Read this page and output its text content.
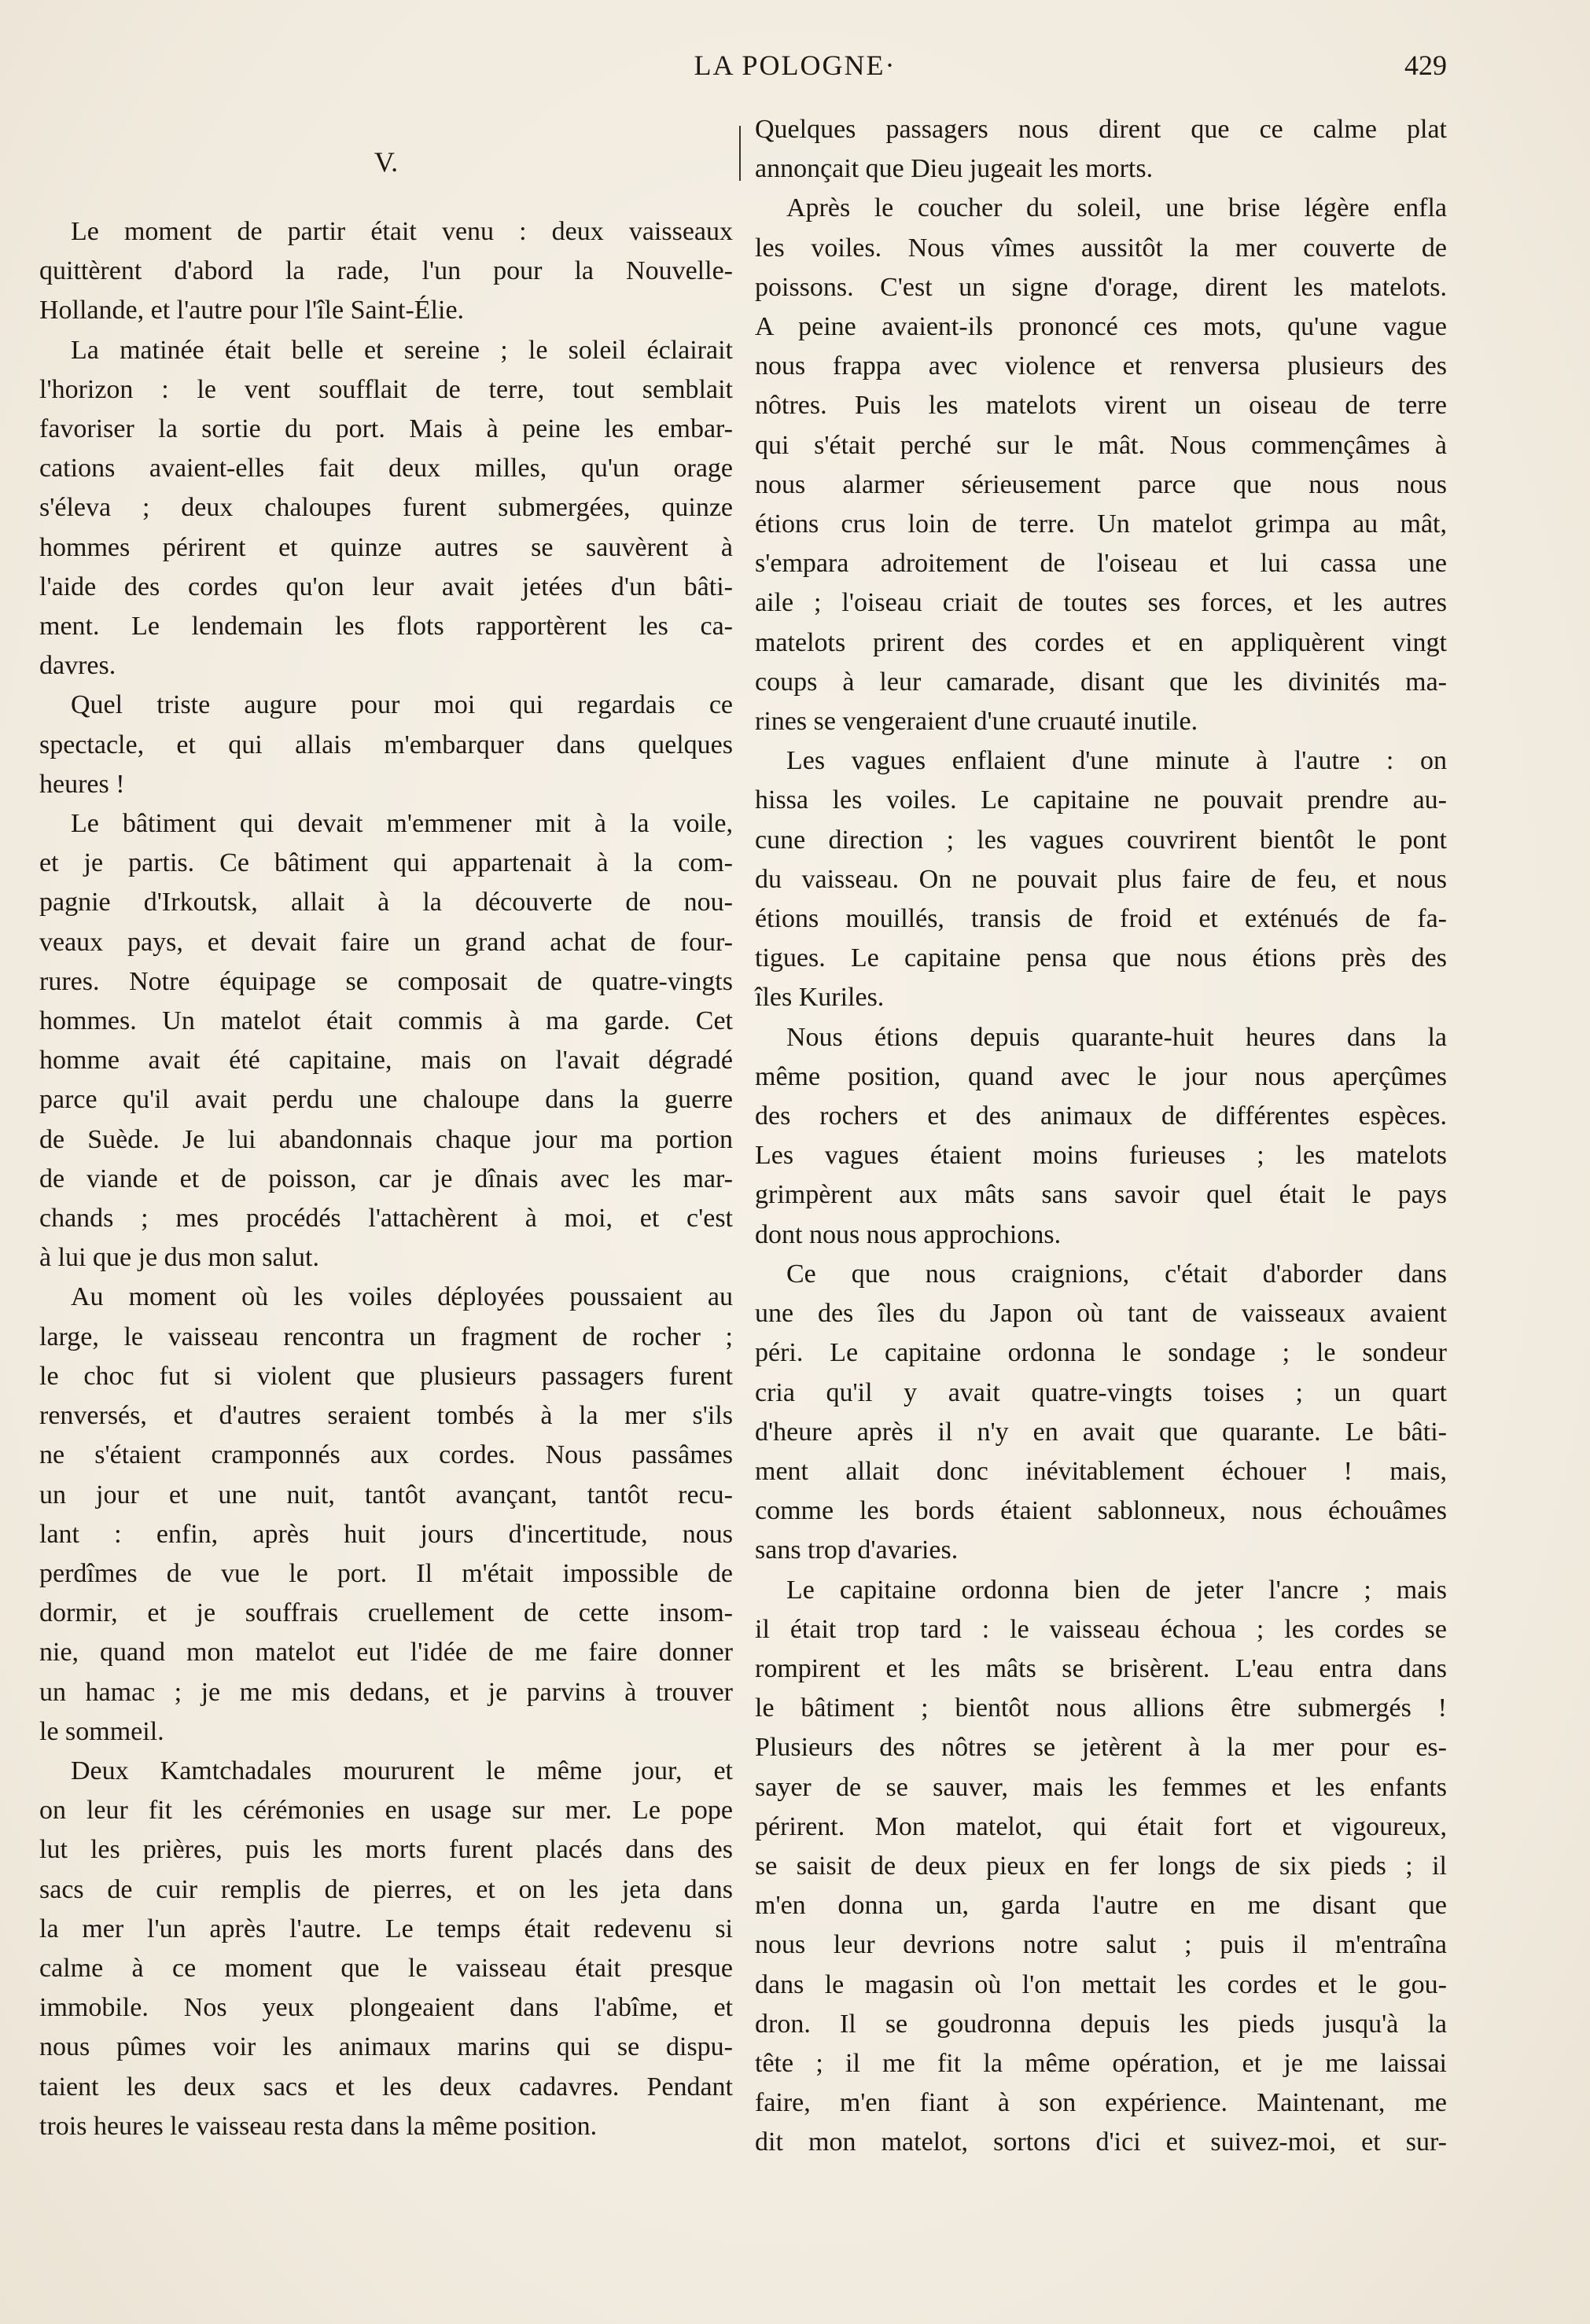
LA POLOGNE·	429
V.

Le moment de partir était venu : deux vaisseaux
quittèrent d'abord la rade, l'un pour la Nouvelle-
Hollande, et l'autre pour l'île Saint-Élie.

La matinée était belle et sereine ; le soleil éclairait
l'horizon : le vent soufflait de terre, tout semblait
favoriser la sortie du port. Mais à peine les embar-
cations avaient-elles fait deux milles, qu'un orage
s'éleva ; deux chaloupes furent submergées, quinze
hommes périrent et quinze autres se sauvèrent à
l'aide des cordes qu'on leur avait jetées d'un bâti-
ment. Le lendemain les flots rapportèrent les ca-
davres.

Quel triste augure pour moi qui regardais ce
spectacle, et qui allais m'embarquer dans quelques
heures !

Le bâtiment qui devait m'emmener mit à la voile,
et je partis. Ce bâtiment qui appartenait à la com-
pagnie d'Irkoutsk, allait à la découverte de nou-
veaux pays, et devait faire un grand achat de four-
rures. Notre équipage se composait de quatre-vingts
hommes. Un matelot était commis à ma garde. Cet
homme avait été capitaine, mais on l'avait dégradé
parce qu'il avait perdu une chaloupe dans la guerre
de Suède. Je lui abandonnais chaque jour ma portion
de viande et de poisson, car je dînais avec les mar-
chands ; mes procédés l'attachèrent à moi, et c'est
à lui que je dus mon salut.

Au moment où les voiles déployées poussaient au
large, le vaisseau rencontra un fragment de rocher ;
le choc fut si violent que plusieurs passagers furent
renversés, et d'autres seraient tombés à la mer s'ils
ne s'étaient cramponnés aux cordes. Nous passâmes
un jour et une nuit, tantôt avançant, tantôt recu-
lant : enfin, après huit jours d'incertitude, nous
perdîmes de vue le port. Il m'était impossible de
dormir, et je souffrais cruellement de cette insom-
nie, quand mon matelot eut l'idée de me faire donner
un hamac ; je me mis dedans, et je parvins à trouver
le sommeil.

Deux Kamtchadales moururent le même jour, et
on leur fit les cérémonies en usage sur mer. Le pope
lut les prières, puis les morts furent placés dans des
sacs de cuir remplis de pierres, et on les jeta dans
la mer l'un après l'autre. Le temps était redevenu si
calme à ce moment que le vaisseau était presque
immobile. Nos yeux plongeaient dans l'abîme, et
nous pûmes voir les animaux marins qui se dispu-
taient les deux sacs et les deux cadavres. Pendant
trois heures le vaisseau resta dans la même position.

Quelques passagers nous dirent que ce calme plat
annonçait que Dieu jugeait les morts.

Après le coucher du soleil, une brise légère enfla
les voiles. Nous vîmes aussitôt la mer couverte de
poissons. C'est un signe d'orage, dirent les matelots.
A peine avaient-ils prononcé ces mots, qu'une vague
nous frappa avec violence et renversa plusieurs des
nôtres. Puis les matelots virent un oiseau de terre
qui s'était perché sur le mât. Nous commençâmes à
nous alarmer sérieusement parce que nous nous
étions crus loin de terre. Un matelot grimpa au mât,
s'empara adroitement de l'oiseau et lui cassa une
aile ; l'oiseau criait de toutes ses forces, et les autres
matelots prirent des cordes et en appliquèrent vingt
coups à leur camarade, disant que les divinités ma-
rines se vengeraient d'une cruauté inutile.

Les vagues enflaient d'une minute à l'autre : on
hissa les voiles. Le capitaine ne pouvait prendre au-
cune direction ; les vagues couvrirent bientôt le pont
du vaisseau. On ne pouvait plus faire de feu, et nous
étions mouillés, transis de froid et exténués de fa-
tigues. Le capitaine pensa que nous étions près des
îles Kuriles.

Nous étions depuis quarante-huit heures dans la
même position, quand avec le jour nous aperçûmes
des rochers et des animaux de différentes espèces.
Les vagues étaient moins furieuses ; les matelots
grimpèrent aux mâts sans savoir quel était le pays
dont nous nous approchions.

Ce que nous craignions, c'était d'aborder dans
une des îles du Japon où tant de vaisseaux avaient
péri. Le capitaine ordonna le sondage ; le sondeur
cria qu'il y avait quatre-vingts toises ; un quart
d'heure après il n'y en avait que quarante. Le bâti-
ment allait donc inévitablement échouer ! mais,
comme les bords étaient sablonneux, nous échouâmes
sans trop d'avaries.

Le capitaine ordonna bien de jeter l'ancre ; mais
il était trop tard : le vaisseau échoua ; les cordes se
rompirent et les mâts se brisèrent. L'eau entra dans
le bâtiment ; bientôt nous allions être submergés !
Plusieurs des nôtres se jetèrent à la mer pour es-
sayer de se sauver, mais les femmes et les enfants
périrent. Mon matelot, qui était fort et vigoureux,
se saisit de deux pieux en fer longs de six pieds ; il
m'en donna un, garda l'autre en me disant que
nous leur devrions notre salut ; puis il m'entraîna
dans le magasin où l'on mettait les cordes et le gou-
dron. Il se goudronna depuis les pieds jusqu'à la
tête ; il me fit la même opération, et je me laissai
faire, m'en fiant à son expérience. Maintenant, me
dit mon matelot, sortons d'ici et suivez-moi, et sur-
